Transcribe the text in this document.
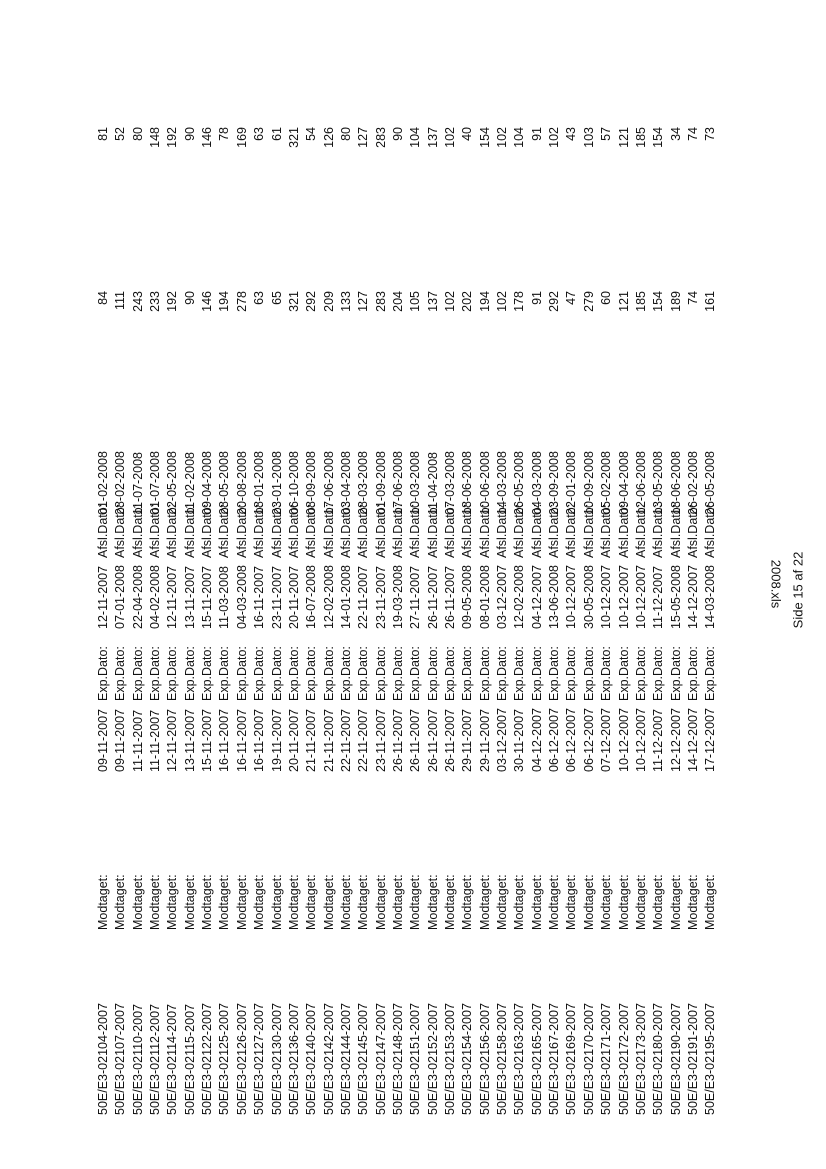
2008.xls Side 15 af 22
50E/E3-02104-2007
Modtaget:
09-11-2007
Exp.Dato:
12-11-2007
Afsl.Dato:
01-02-2008
84
81
50E/E3-02107-2007
Modtaget:
09-11-2007
Exp.Dato:
07-01-2008
Afsl.Dato:
28-02-2008
111
52
50E/E3-02110-2007
Modtaget:
11-11-2007
Exp.Dato:
22-04-2008
Afsl.Dato:
11-07-2008
243
80
50E/E3-02112-2007
Modtaget:
11-11-2007
Exp.Dato:
04-02-2008
Afsl.Dato:
01-07-2008
233
148
50E/E3-02114-2007
Modtaget:
12-11-2007
Exp.Dato:
12-11-2007
Afsl.Dato:
22-05-2008
192
192
50E/E3-02115-2007
Modtaget:
13-11-2007
Exp.Dato:
13-11-2007
Afsl.Dato:
11-02-2008
90
90
50E/E3-02122-2007
Modtaget:
15-11-2007
Exp.Dato:
15-11-2007
Afsl.Dato:
09-04-2008
146
146
50E/E3-02125-2007
Modtaget:
16-11-2007
Exp.Dato:
11-03-2008
Afsl.Dato:
28-05-2008
194
78
50E/E3-02126-2007
Modtaget:
16-11-2007
Exp.Dato:
04-03-2008
Afsl.Dato:
20-08-2008
278
169
50E/E3-02127-2007
Modtaget:
16-11-2007
Exp.Dato:
16-11-2007
Afsl.Dato:
18-01-2008
63
63
50E/E3-02130-2007
Modtaget:
19-11-2007
Exp.Dato:
23-11-2007
Afsl.Dato:
23-01-2008
65
61
50E/E3-02136-2007
Modtaget:
20-11-2007
Exp.Dato:
20-11-2007
Afsl.Dato:
06-10-2008
321
321
50E/E3-02140-2007
Modtaget:
21-11-2007
Exp.Dato:
16-07-2008
Afsl.Dato:
08-09-2008
292
54
50E/E3-02142-2007
Modtaget:
21-11-2007
Exp.Dato:
12-02-2008
Afsl.Dato:
17-06-2008
209
126
50E/E3-02144-2007
Modtaget:
22-11-2007
Exp.Dato:
14-01-2008
Afsl.Dato:
03-04-2008
133
80
50E/E3-02145-2007
Modtaget:
22-11-2007
Exp.Dato:
22-11-2007
Afsl.Dato:
28-03-2008
127
127
50E/E3-02147-2007
Modtaget:
23-11-2007
Exp.Dato:
23-11-2007
Afsl.Dato:
01-09-2008
283
283
50E/E3-02148-2007
Modtaget:
26-11-2007
Exp.Dato:
19-03-2008
Afsl.Dato:
17-06-2008
204
90
50E/E3-02151-2007
Modtaget:
26-11-2007
Exp.Dato:
27-11-2007
Afsl.Dato:
10-03-2008
105
104
50E/E3-02152-2007
Modtaget:
26-11-2007
Exp.Dato:
26-11-2007
Afsl.Dato:
11-04-2008
137
137
50E/E3-02153-2007
Modtaget:
26-11-2007
Exp.Dato:
26-11-2007
Afsl.Dato:
07-03-2008
102
102
50E/E3-02154-2007
Modtaget:
29-11-2007
Exp.Dato:
09-05-2008
Afsl.Dato:
18-06-2008
202
40
50E/E3-02156-2007
Modtaget:
29-11-2007
Exp.Dato:
08-01-2008
Afsl.Dato:
10-06-2008
194
154
50E/E3-02158-2007
Modtaget:
03-12-2007
Exp.Dato:
03-12-2007
Afsl.Dato:
14-03-2008
102
102
50E/E3-02163-2007
Modtaget:
30-11-2007
Exp.Dato:
12-02-2008
Afsl.Dato:
26-05-2008
178
104
50E/E3-02165-2007
Modtaget:
04-12-2007
Exp.Dato:
04-12-2007
Afsl.Dato:
04-03-2008
91
91
50E/E3-02167-2007
Modtaget:
06-12-2007
Exp.Dato:
13-06-2008
Afsl.Dato:
23-09-2008
292
102
50E/E3-02169-2007
Modtaget:
06-12-2007
Exp.Dato:
10-12-2007
Afsl.Dato:
22-01-2008
47
43
50E/E3-02170-2007
Modtaget:
06-12-2007
Exp.Dato:
30-05-2008
Afsl.Dato:
10-09-2008
279
103
50E/E3-02171-2007
Modtaget:
07-12-2007
Exp.Dato:
10-12-2007
Afsl.Dato:
05-02-2008
60
57
50E/E3-02172-2007
Modtaget:
10-12-2007
Exp.Dato:
10-12-2007
Afsl.Dato:
09-04-2008
121
121
50E/E3-02173-2007
Modtaget:
10-12-2007
Exp.Dato:
10-12-2007
Afsl.Dato:
12-06-2008
185
185
50E/E3-02180-2007
Modtaget:
11-12-2007
Exp.Dato:
11-12-2007
Afsl.Dato:
13-05-2008
154
154
50E/E3-02190-2007
Modtaget:
12-12-2007
Exp.Dato:
15-05-2008
Afsl.Dato:
18-06-2008
189
34
50E/E3-02191-2007
Modtaget:
14-12-2007
Exp.Dato:
14-12-2007
Afsl.Dato:
26-02-2008
74
74
50E/E3-02195-2007
Modtaget:
17-12-2007
Exp.Dato:
14-03-2008
Afsl.Dato:
26-05-2008
161
73
